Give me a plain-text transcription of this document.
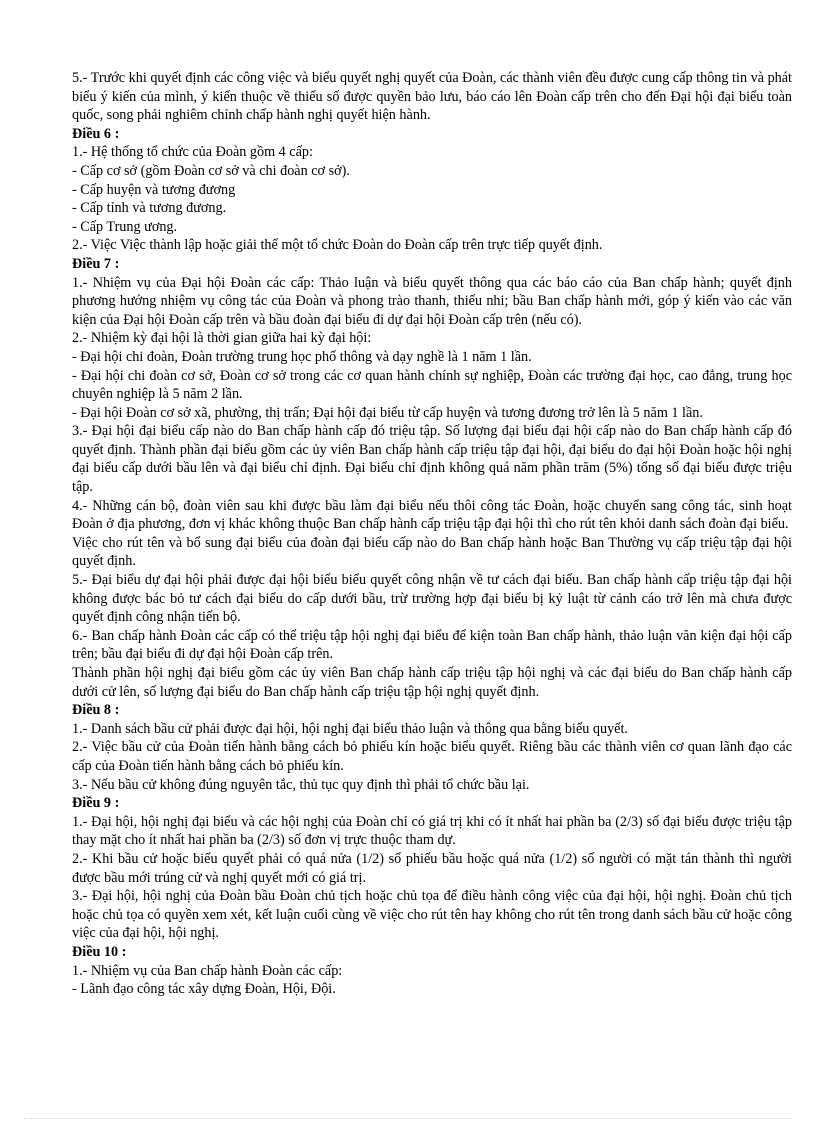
5.- Trước khi quyết định các công việc và biểu quyết nghị quyết của Đoàn, các thành viên đều được cung cấp thông tin và phát biểu ý kiến của mình, ý kiến thuộc về thiểu số được quyền bảo lưu, báo cáo lên Đoàn cấp trên cho đến Đại hội đại biểu toàn quốc, song phải nghiêm chỉnh chấp hành nghị quyết hiện hành.

Điều 6 :

1.- Hệ thống tổ chức của Đoàn gồm 4 cấp:

- Cấp cơ sở (gồm Đoàn cơ sở và chi đoàn cơ sở).

- Cấp huyện và tương đương

- Cấp tỉnh và tương đương.

- Cấp Trung ương.

2.- Việc Việc thành lập hoặc giải thể một tổ chức Đoàn do Đoàn cấp trên trực tiếp quyết định.

Điều 7 :

1.- Nhiệm vụ của Đại hội Đoàn các cấp: Thảo luận và biểu quyết thông qua các báo cáo của Ban chấp hành; quyết định phương hướng nhiệm vụ công tác của Đoàn và phong trào thanh, thiếu nhi; bầu Ban chấp hành mới, góp ý kiến vào các văn kiện của Đại hội Đoàn cấp trên và bầu đoàn đại biểu đi dự đại hội Đoàn cấp trên (nếu có).

2.- Nhiệm kỳ đại hội là thời gian giữa hai kỳ đại hội:

- Đại hội chi đoàn, Đoàn trường trung học phổ thông và dạy nghề là 1 năm 1 lần.

- Đại hội chi đoàn cơ sở, Đoàn cơ sở trong các cơ quan hành chính sự nghiệp, Đoàn các trường đại học, cao đẳng, trung học chuyên nghiệp là 5 năm 2 lần.

- Đại hội Đoàn cơ sở xã, phường, thị trấn; Đại hội đại biểu từ cấp huyện và tương đương trở lên là 5 năm 1 lần.

3.- Đại hội đại biểu cấp nào do Ban chấp hành cấp đó triệu tập. Số lượng đại biểu đại hội cấp nào do Ban chấp hành cấp đó quyết định. Thành phần đại biểu gồm các ủy viên Ban chấp hành cấp triệu tập đại hội, đại biểu do đại hội Đoàn hoặc hội nghị đại biểu cấp dưới bầu lên và đại biểu chỉ định. Đại biểu chỉ định không quá năm phần trăm (5%) tổng số đại biểu được triệu tập.

4.- Những cán bộ, đoàn viên sau khi được bầu làm đại biểu nếu thôi công tác Đoàn, hoặc chuyển sang công tác, sinh hoạt Đoàn ở địa phương, đơn vị khác không thuộc Ban chấp hành cấp triệu tập đại hội thì cho rút tên khỏi danh sách đoàn đại biểu.

Việc cho rút tên và bổ sung đại biểu của đoàn đại biểu cấp nào do Ban chấp hành hoặc Ban Thường vụ cấp triệu tập đại hội quyết định.

5.- Đại biểu dự đại hội phải được đại hội biểu biểu quyết công nhận về tư cách đại biểu. Ban chấp hành cấp triệu tập đại hội không được bác bỏ tư cách đại biểu do cấp dưới bầu, trừ trường hợp đại biểu bị kỷ luật từ cảnh cáo trở lên mà chưa được quyết định công nhận tiến bộ.

6.- Ban chấp hành Đoàn các cấp có thể triệu tập hội nghị đại biểu để kiện toàn Ban chấp hành, thảo luận văn kiện đại hội cấp trên; bầu đại biểu đi dự đại hội Đoàn cấp trên.

Thành phần hội nghị đại biểu gồm các ủy viên Ban chấp hành cấp triệu tập hội nghị và các đại biểu do Ban chấp hành cấp dưới cử lên, số lượng đại biểu do Ban chấp hành cấp triệu tập hội nghị quyết định.

Điều 8 :

1.- Danh sách bầu cử phải được đại hội, hội nghị đại biểu thảo luận và thông qua bằng biểu quyết.

2.- Việc bầu cử của Đoàn tiến hành bằng cách bỏ phiếu kín hoặc biểu quyết. Riêng bầu các thành viên cơ quan lãnh đạo các cấp của Đoàn tiến hành bằng cách bỏ phiếu kín.

3.- Nếu bầu cử không đúng nguyên tắc, thủ tục quy định thì phải tổ chức bầu lại.

Điều 9 :

1.- Đại hội, hội nghị đại biểu và các hội nghị của Đoàn chỉ có giá trị khi có ít nhất hai phần ba (2/3) số đại biểu được triệu tập thay mặt cho ít nhất hai phần ba (2/3) số đơn vị trực thuộc tham dự.

2.- Khi bầu cử hoặc biểu quyết phải có quá nửa (1/2) số phiếu bầu hoặc quá nửa (1/2) số người có mặt tán thành thì người được bầu mới trúng cử và nghị quyết mới có giá trị.

3.- Đại hội, hội nghị của Đoàn bầu Đoàn chủ tịch hoặc chủ tọa để điều hành công việc của đại hội, hội nghị. Đoàn chủ tịch hoặc chủ tọa có quyền xem xét, kết luận cuối cùng về việc cho rút tên hay không cho rút tên trong danh sách bầu cử hoặc công việc của đại hội, hội nghị.

Điều 10 :

1.- Nhiệm vụ của Ban chấp hành Đoàn các cấp:

- Lãnh đạo công tác xây dựng Đoàn, Hội, Đội.
